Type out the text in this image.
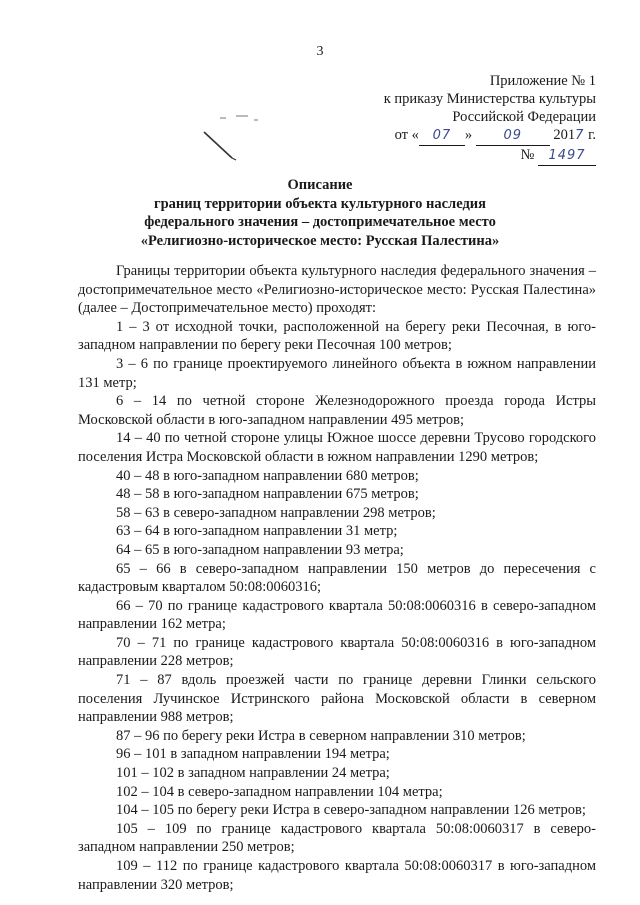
3
Приложение № 1
к приказу Министерства культуры
Российской Федерации
от « 07 » 09 2017 г.
№ 1497
Описание
границ территории объекта культурного наследия
федерального значения – достопримечательное место
«Религиозно-историческое место: Русская Палестина»

Границы территории объекта культурного наследия федерального значения – достопримечательное место «Религиозно-историческое место: Русская Палестина» (далее – Достопримечательное место) проходят:

1 – 3 от исходной точки, расположенной на берегу реки Песочная, в юго-западном направлении по берегу реки Песочная 100 метров;

3 – 6 по границе проектируемого линейного объекта в южном направлении 131 метр;

6 – 14 по четной стороне Железнодорожного проезда города Истры Московской области в юго-западном направлении 495 метров;

14 – 40 по четной стороне улицы Южное шоссе деревни Трусово городского поселения Истра Московской области в южном направлении 1290 метров;

40 – 48 в юго-западном направлении 680 метров;

48 – 58 в юго-западном направлении 675 метров;

58 – 63 в северо-западном направлении 298 метров;

63 – 64 в юго-западном направлении 31 метр;

64 – 65 в юго-западном направлении 93 метра;

65 – 66 в северо-западном направлении 150 метров до пересечения с кадастровым кварталом 50:08:0060316;

66 – 70 по границе кадастрового квартала 50:08:0060316 в северо-западном направлении 162 метра;

70 – 71 по границе кадастрового квартала 50:08:0060316 в юго-западном направлении 228 метров;

71 – 87 вдоль проезжей части по границе деревни Глинки сельского поселения Лучинское Истринского района Московской области в северном направлении 988 метров;

87 – 96 по берегу реки Истра в северном направлении 310 метров;

96 – 101 в западном направлении 194 метра;

101 – 102 в западном направлении 24 метра;

102 – 104 в северо-западном направлении 104 метра;

104 – 105 по берегу реки Истра в северо-западном направлении 126 метров;

105 – 109 по границе кадастрового квартала 50:08:0060317 в северо-западном направлении 250 метров;

109 – 112 по границе кадастрового квартала 50:08:0060317 в юго-западном направлении 320 метров;
